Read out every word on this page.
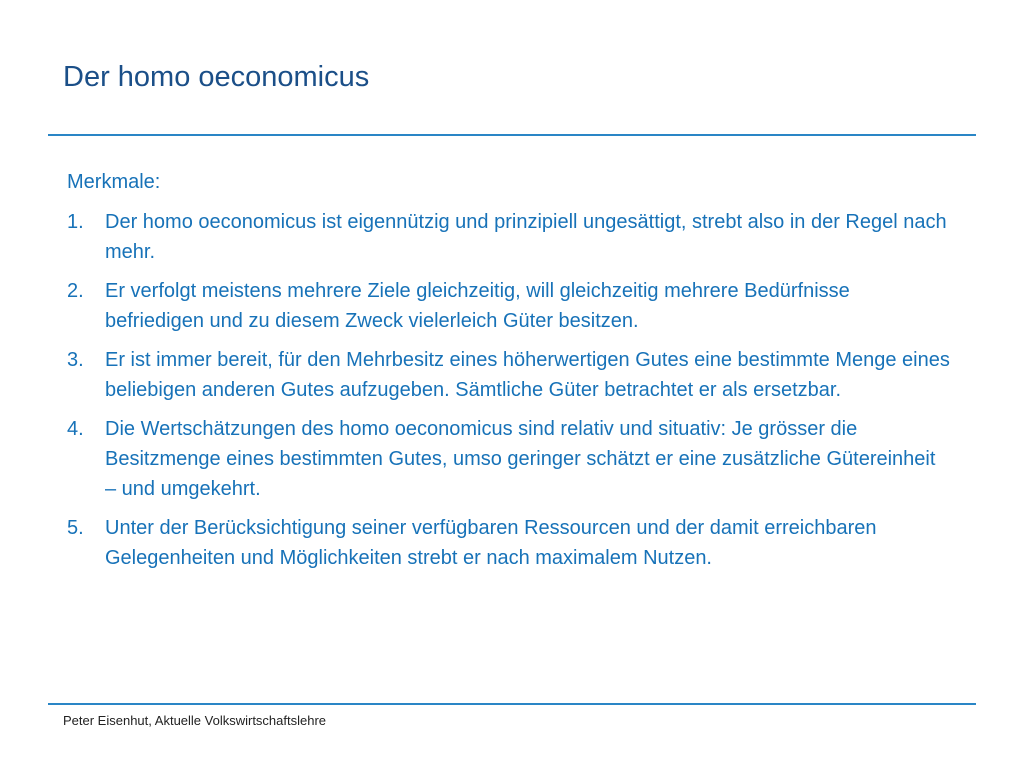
Der homo oeconomicus

Merkmale:

1.	Der homo oeconomicus ist eigennützig und prinzipiell ungesättigt, strebt also in der Regel nach mehr.
2.	Er verfolgt meistens mehrere Ziele gleichzeitig, will gleichzeitig mehrere Bedürfnisse befriedigen und zu diesem Zweck vielerleich Güter besitzen.
3.	Er ist immer bereit, für den Mehrbesitz eines höherwertigen Gutes eine bestimmte Menge eines beliebigen anderen Gutes aufzugeben. Sämtliche Güter betrachtet er als ersetzbar.
4.	Die Wertschätzungen des homo oeconomicus sind relativ und situativ: Je grösser die Besitzmenge eines bestimmten Gutes, umso geringer schätzt er eine zusätzliche Gütereinheit – und umgekehrt.
5.	Unter der Berücksichtigung seiner verfügbaren Ressourcen und der damit erreichbaren Gelegenheiten und Möglichkeiten strebt er nach maximalem Nutzen.
Peter Eisenhut, Aktuelle Volkswirtschaftslehre
